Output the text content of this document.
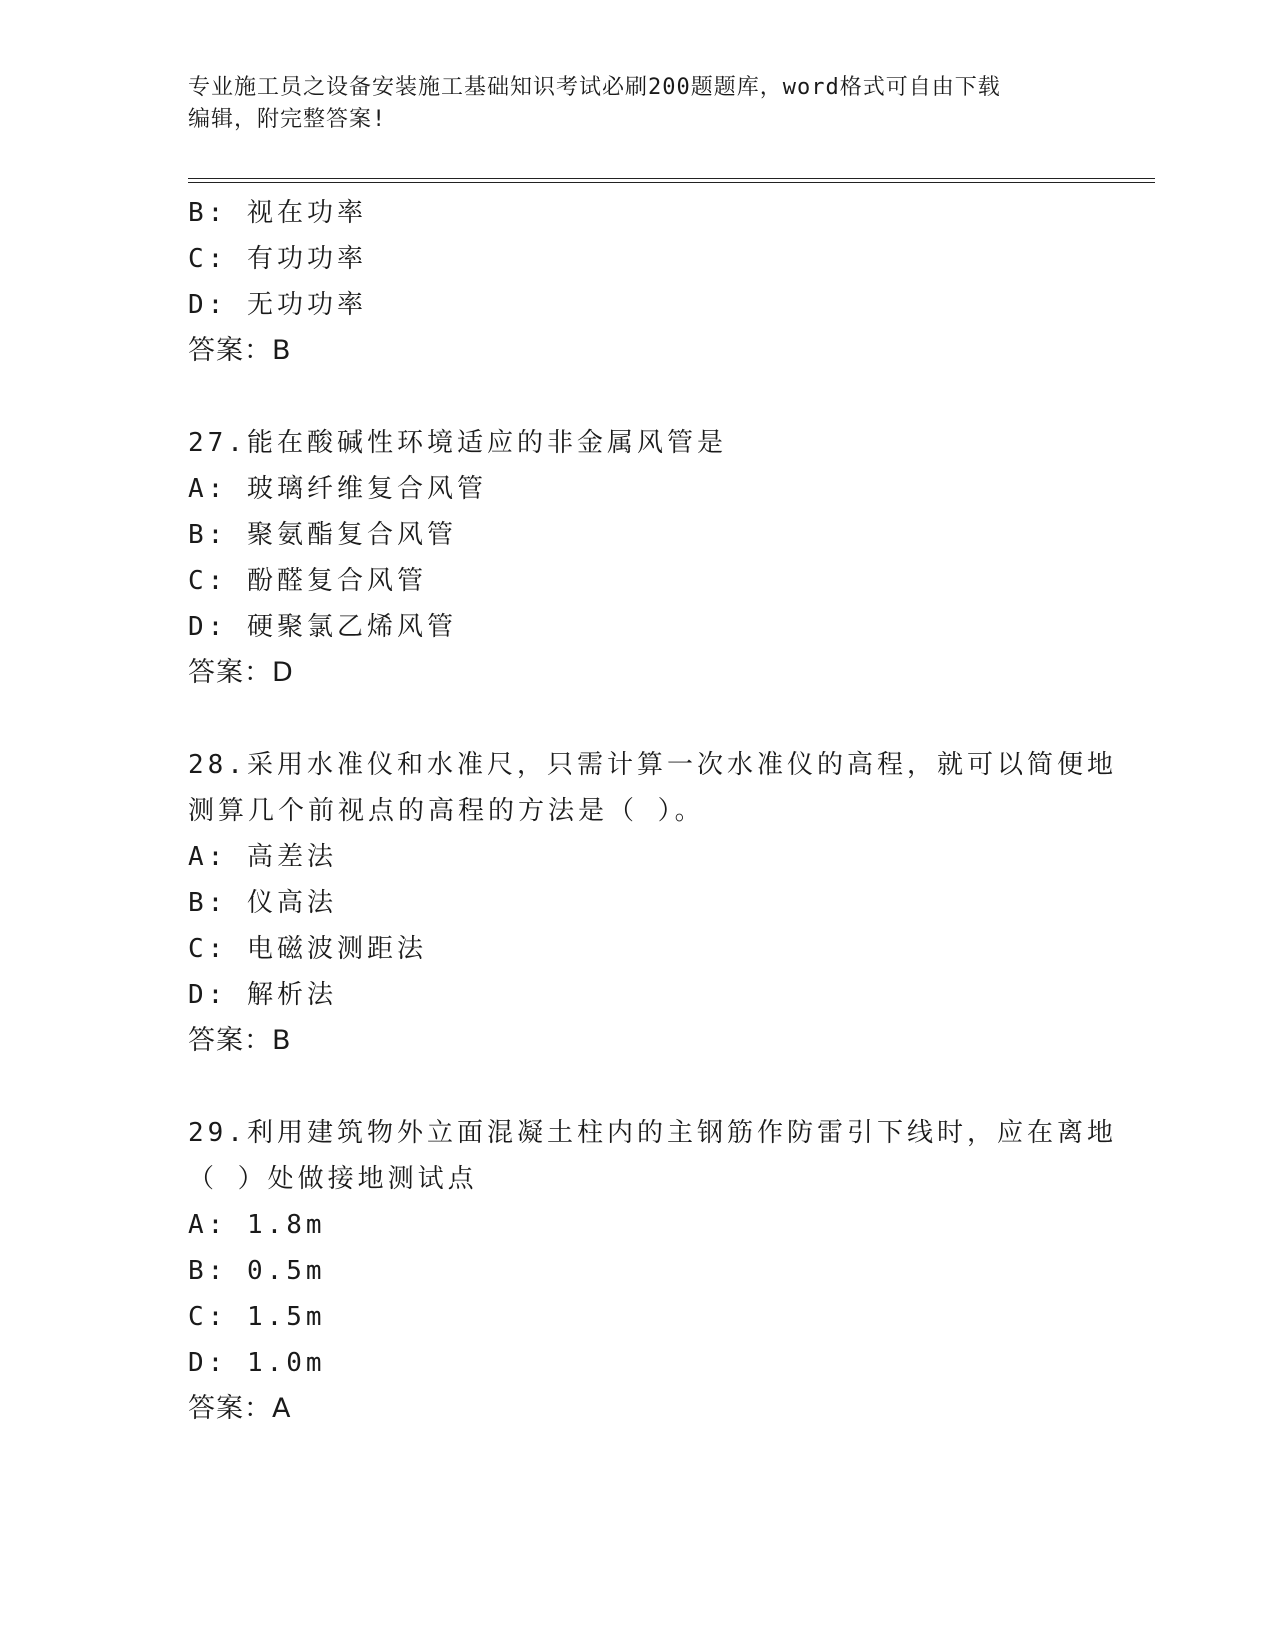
专业施工员之设备安装施工基础知识考试必刷200题题库，word格式可自由下载
编辑，附完整答案!
B: 视在功率
C: 有功功率
D: 无功功率
答案：B
27.能在酸碱性环境适应的非金属风管是
A: 玻璃纤维复合风管
B: 聚氨酯复合风管
C: 酚醛复合风管
D: 硬聚氯乙烯风管
答案：D
28.采用水准仪和水准尺，只需计算一次水准仪的高程，就可以简便地
测算几个前视点的高程的方法是（ ）。
A: 高差法
B: 仪高法
C: 电磁波测距法
D: 解析法
答案：B
29.利用建筑物外立面混凝土柱内的主钢筋作防雷引下线时，应在离地
（ ）处做接地测试点
A: 1.8m
B: 0.5m
C: 1.5m
D: 1.0m
答案：A
